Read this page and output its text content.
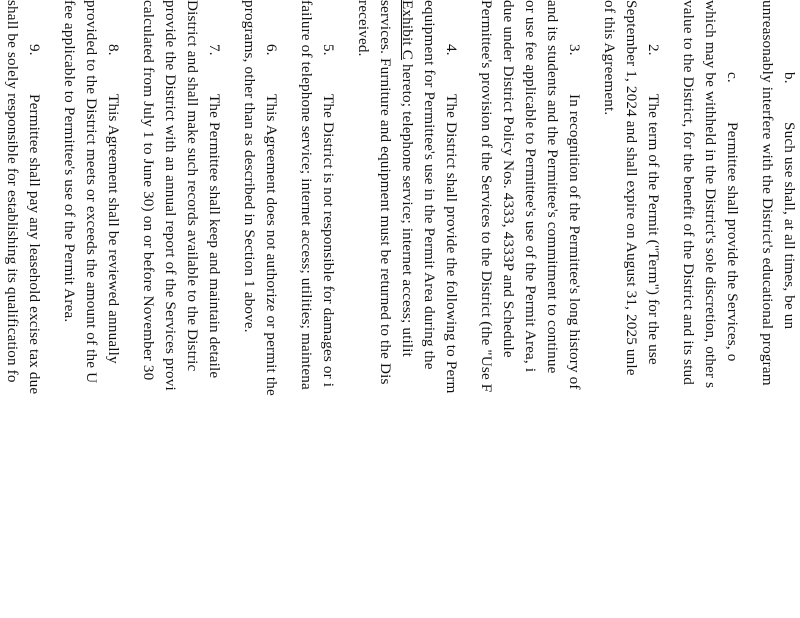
b.Such use shall, at all times, be un

unreasonably interfere with the District's educational program

c.Permittee shall provide the Services, o

which may be withheld in the District's sole discretion, other s

value to the District, for the benefit of the District and its stud

2.The term of the Permit ("Term") for the use

September 1, 2024 and shall expire on August 31, 2025 unle

of this Agreement.

3.In recognition of the Permittee's long history of

and its students and the Permittee's commitment to continue

or use fee applicable to Permittee's use of the Permit Area, i

due under District Policy Nos. 4333, 4333P and Schedule

Permittee's provision of the Services to the District (the "Use F

4.The District shall provide the following to Perm

equipment for Permittee's use in the Permit Area during the

Exhibit C hereto; telephone service; internet access; utilit

services. Furniture and equipment must be returned to the Dis

received.

5.The District is not responsible for damages or i

failure of telephone service; internet access; utilities; maintena

6.This Agreement does not authorize or permit the

programs, other than as described in Section 1 above.

7.The Permittee shall keep and maintain detaile

District and shall make such records available to the Distric

provide the District with an annual report of the Services provi

calculated from July 1 to June 30) on or before November 30

8.This Agreement shall be reviewed annually

provided to the District meets or exceeds the amount of the U

fee applicable to Permittee's use of the Permit Area.

9.Permittee shall pay any leasehold excise tax due

shall be solely responsible for establishing its qualification fo
